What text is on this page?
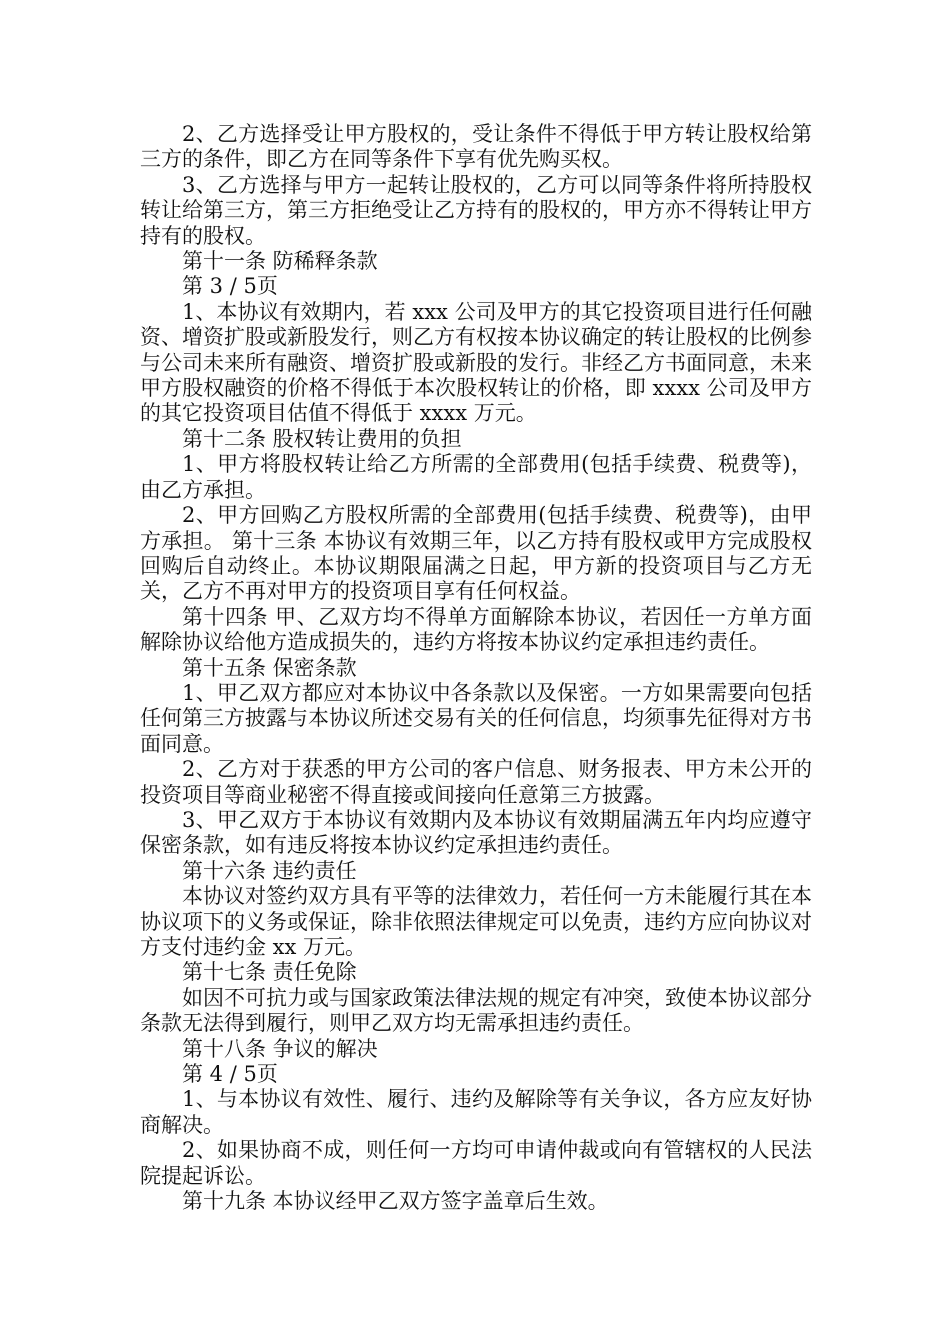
2、乙方选择受让甲方股权的，受让条件不得低于甲方转让股权给第三方的条件，即乙方在同等条件下享有优先购买权。

3、乙方选择与甲方一起转让股权的，乙方可以同等条件将所持股权转让给第三方，第三方拒绝受让乙方持有的股权的，甲方亦不得转让甲方持有的股权。

第十一条 防稀释条款

第 3 / 5页

1、本协议有效期内，若 xxx 公司及甲方的其它投资项目进行任何融资、增资扩股或新股发行，则乙方有权按本协议确定的转让股权的比例参与公司未来所有融资、增资扩股或新股的发行。非经乙方书面同意，未来甲方股权融资的价格不得低于本次股权转让的价格，即 xxxx 公司及甲方的其它投资项目估值不得低于 xxxx 万元。

第十二条 股权转让费用的负担

1、甲方将股权转让给乙方所需的全部费用(包括手续费、税费等)，由乙方承担。

2、甲方回购乙方股权所需的全部费用(包括手续费、税费等)，由甲方承担。 第十三条 本协议有效期三年，以乙方持有股权或甲方完成股权回购后自动终止。本协议期限届满之日起，甲方新的投资项目与乙方无关，乙方不再对甲方的投资项目享有任何权益。

第十四条 甲、乙双方均不得单方面解除本协议，若因任一方单方面解除协议给他方造成损失的，违约方将按本协议约定承担违约责任。

第十五条 保密条款

1、甲乙双方都应对本协议中各条款以及保密。一方如果需要向包括任何第三方披露与本协议所述交易有关的任何信息，均须事先征得对方书面同意。

2、乙方对于获悉的甲方公司的客户信息、财务报表、甲方未公开的投资项目等商业秘密不得直接或间接向任意第三方披露。

3、甲乙双方于本协议有效期内及本协议有效期届满五年内均应遵守保密条款，如有违反将按本协议约定承担违约责任。

第十六条 违约责任

本协议对签约双方具有平等的法律效力，若任何一方未能履行其在本协议项下的义务或保证，除非依照法律规定可以免责，违约方应向协议对方支付违约金 xx 万元。

第十七条 责任免除

如因不可抗力或与国家政策法律法规的规定有冲突，致使本协议部分条款无法得到履行，则甲乙双方均无需承担违约责任。

第十八条 争议的解决

第 4 / 5页

1、与本协议有效性、履行、违约及解除等有关争议，各方应友好协商解决。

2、如果协商不成，则任何一方均可申请仲裁或向有管辖权的人民法院提起诉讼。

第十九条 本协议经甲乙双方签字盖章后生效。
